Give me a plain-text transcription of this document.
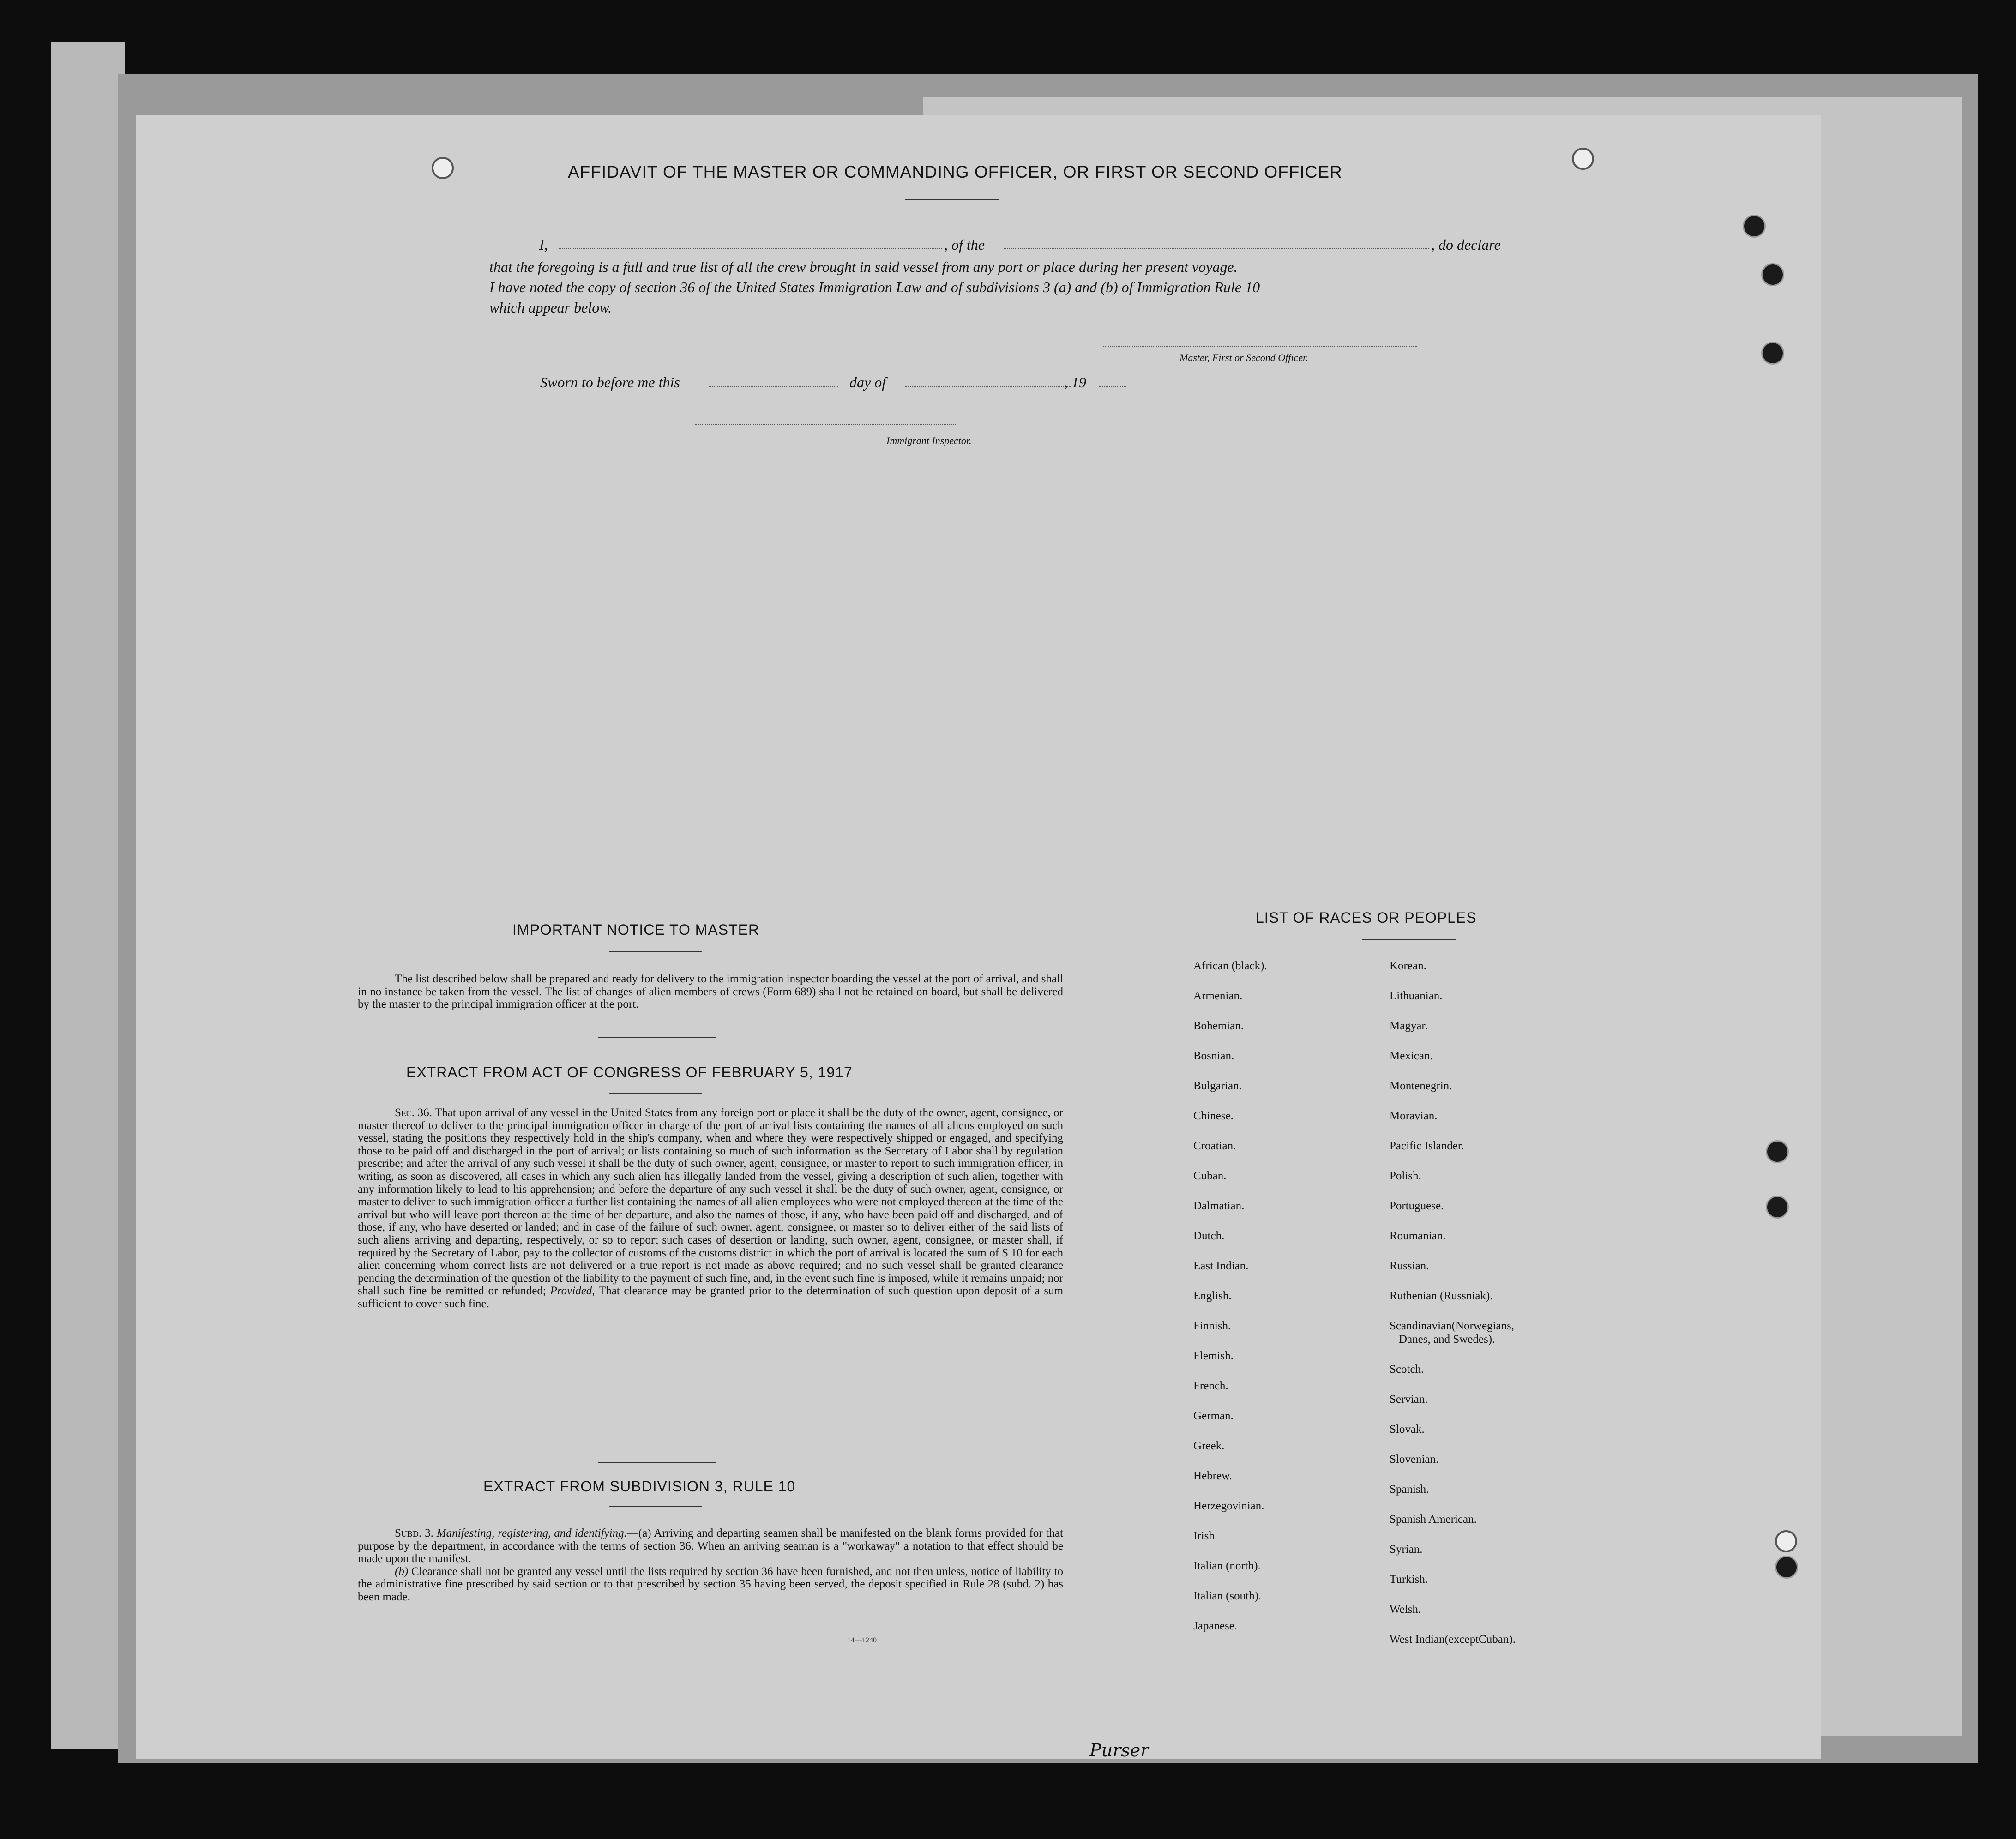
AFFIDAVIT OF THE MASTER OR COMMANDING OFFICER, OR FIRST OR SECOND OFFICER
I,	, of the	, do declare
that the foregoing is a full and true list of all the crew brought in said vessel from any port or place during her present voyage.
I have noted the copy of section 36 of the United States Immigration Law and of subdivisions 3 (a) and (b) of Immigration Rule 10
which appear below.
Master, First or Second Officer.
Sworn to before me this	day of	, 19
Immigrant Inspector.
IMPORTANT NOTICE TO MASTER

The list described below shall be prepared and ready for delivery to the immigration inspector boarding the vessel at the port of arrival, and shall in no instance be taken from the vessel. The list of changes of alien members of crews (Form 689) shall not be retained on board, but shall be delivered by the master to the principal immigration officer at the port.

EXTRACT FROM ACT OF CONGRESS OF FEBRUARY 5, 1917

Sec. 36. That upon arrival of any vessel in the United States from any foreign port or place it shall be the duty of the owner, agent, consignee, or master thereof to deliver to the principal immigration officer in charge of the port of arrival lists containing the names of all aliens employed on such vessel, stating the positions they respectively hold in the ship's company, when and where they were respectively shipped or engaged, and specifying those to be paid off and discharged in the port of arrival; or lists containing so much of such information as the Secretary of Labor shall by regulation prescribe; and after the arrival of any such vessel it shall be the duty of such owner, agent, consignee, or master to report to such immigration officer, in writing, as soon as discovered, all cases in which any such alien has illegally landed from the vessel, giving a description of such alien, together with any information likely to lead to his apprehension; and before the departure of any such vessel it shall be the duty of such owner, agent, consignee, or master to deliver to such immigration officer a further list containing the names of all alien employees who were not employed thereon at the time of the arrival but who will leave port thereon at the time of her departure, and also the names of those, if any, who have been paid off and discharged, and of those, if any, who have deserted or landed; and in case of the failure of such owner, agent, consignee, or master so to deliver either of the said lists of such aliens arriving and departing, respectively, or so to report such cases of desertion or landing, such owner, agent, consignee, or master shall, if required by the Secretary of Labor, pay to the collector of customs of the customs district in which the port of arrival is located the sum of $ 10 for each alien concerning whom correct lists are not delivered or a true report is not made as above required; and no such vessel shall be granted clearance pending the determination of the question of the liability to the payment of such fine, and, in the event such fine is imposed, while it remains unpaid; nor shall such fine be remitted or refunded; Provided, That clearance may be granted prior to the determination of such question upon deposit of a sum sufficient to cover such fine.

EXTRACT FROM SUBDIVISION 3, RULE 10

Subd. 3. Manifesting, registering, and identifying.—(a) Arriving and departing seamen shall be manifested on the blank forms provided for that purpose by the department, in accordance with the terms of section 36. When an arriving seaman is a "workaway" a notation to that effect should be made upon the manifest.

(b) Clearance shall not be granted any vessel until the lists required by section 36 have been furnished, and not then unless, notice of liability to the administrative fine prescribed by said section or to that prescribed by section 35 having been served, the deposit specified in Rule 28 (subd. 2) has been made.

14—1240
LIST OF RACES OR PEOPLES
African (black).
Armenian.
Bohemian.
Bosnian.
Bulgarian.
Chinese.
Croatian.
Cuban.
Dalmatian.
Dutch.
East Indian.
English.
Finnish.
Flemish.
French.
German.
Greek.
Hebrew.
Herzegovinian.
Irish.
Italian (north).
Italian (south).
Japanese.
Korean.
Lithuanian.
Magyar.
Mexican.
Montenegrin.
Moravian.
Pacific Islander.
Polish.
Portuguese.
Roumanian.
Russian.
Ruthenian (Russniak).
Scandinavian(Norwegians,
Danes, and Swedes).
Scotch.
Servian.
Slovak.
Slovenian.
Spanish.
Spanish American.
Syrian.
Turkish.
Welsh.
West Indian(exceptCuban).
Purser
